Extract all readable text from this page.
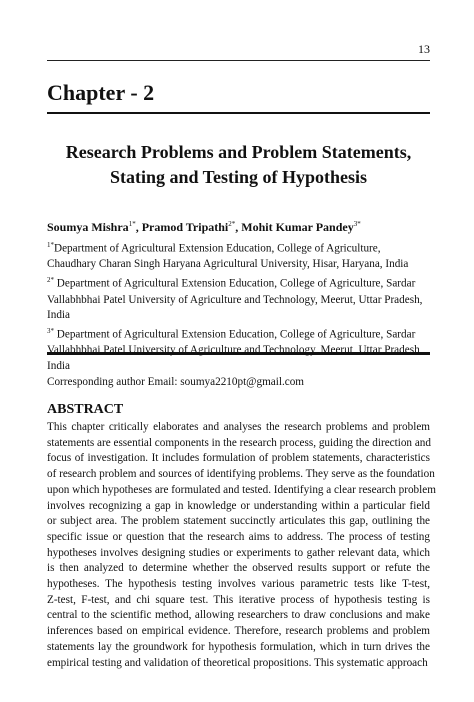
13
Chapter - 2
Research Problems and Problem Statements,
Stating and Testing of Hypothesis
Soumya Mishra$^{1*}$, Pramod Tripathi$^{2*}$, Mohit Kumar Pandey$^{3*}$

$^{1*}$Department of Agricultural Extension Education, College of Agriculture, Chaudhary Charan Singh Haryana Agricultural University, Hisar, Haryana, India

$^{2*}$ Department of Agricultural Extension Education, College of Agriculture, Sardar Vallabhbhai Patel University of Agriculture and Technology, Meerut, Uttar Pradesh, India

$^{3*}$ Department of Agricultural Extension Education, College of Agriculture, Sardar Vallabhbhai Patel University of Agriculture and Technology, Meerut, Uttar Pradesh, India

Corresponding author Email: soumya2210pt@gmail.com

ABSTRACT
This chapter critically elaborates and analyses the research problems and problem
statements are essential components in the research process, guiding the direction and
focus of investigation. It includes formulation of problem statements, characteristics
of research problem and sources of identifying problems. They serve as the foundation
upon which hypotheses are formulated and tested. Identifying a clear research problem
involves recognizing a gap in knowledge or understanding within a particular field
or subject area. The problem statement succinctly articulates this gap, outlining the
specific issue or question that the research aims to address. The process of testing
hypotheses involves designing studies or experiments to gather relevant data, which
is then analyzed to determine whether the observed results support or refute the
hypotheses. The hypothesis testing involves various parametric tests like T-test,
Z-test, F-test, and chi square test. This iterative process of hypothesis testing is
central to the scientific method, allowing researchers to draw conclusions and make
inferences based on empirical evidence. Therefore, research problems and problem
statements lay the groundwork for hypothesis formulation, which in turn drives the
empirical testing and validation of theoretical propositions. This systematic approach
